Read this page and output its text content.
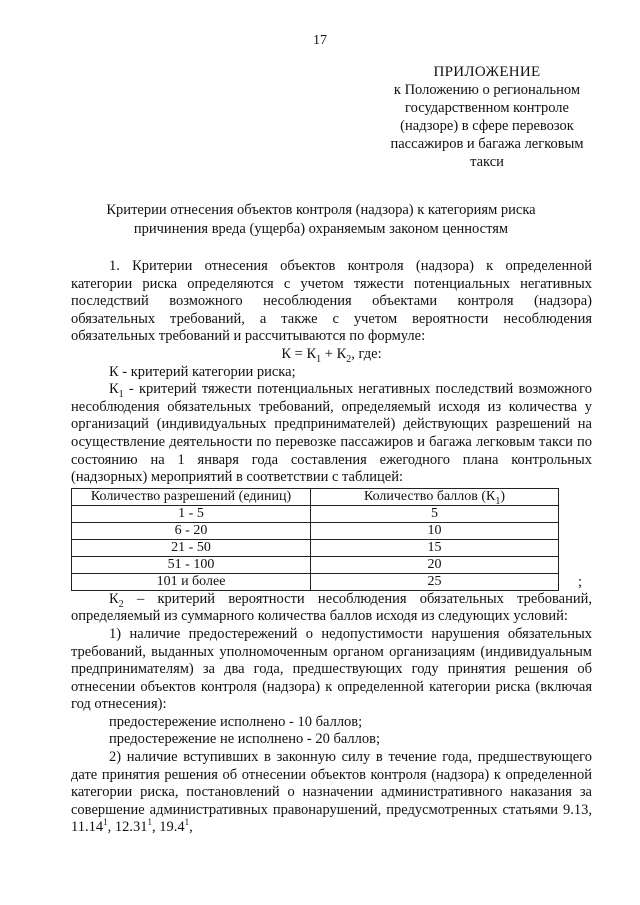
17
ПРИЛОЖЕНИЕ
к Положению о региональном
государственном контроле
(надзоре) в сфере перевозок
пассажиров и багажа легковым
такси
Критерии отнесения объектов контроля (надзора) к категориям риска
причинения вреда (ущерба) охраняемым законом ценностям

1. Критерии отнесения объектов контроля (надзора) к определенной категории риска определяются с учетом тяжести потенциальных негативных последствий возможного несоблюдения объектами контроля (надзора) обязательных требований, а также с учетом вероятности несоблюдения обязательных требований и рассчитываются по формуле:

$К = К_1 + К_2$, где:

К - критерий категории риска;

$К_1$ - критерий тяжести потенциальных негативных последствий возможного несоблюдения обязательных требований, определяемый исходя из количества у организаций (индивидуальных предпринимателей) действующих разрешений на осуществление деятельности по перевозке пассажиров и багажа легковым такси по состоянию на 1 января года составления ежегодного плана контрольных (надзорных) мероприятий в соответствии с таблицей:

Количество разрешений (единиц)	Количество баллов $(К_1)$
1 - 5	5
6 - 20	10
21 - 50	15
51 - 100	20
101 и более	25	;

$К_2$ – критерий вероятности несоблюдения обязательных требований, определяемый из суммарного количества баллов исходя из следующих условий:

1) наличие предостережений о недопустимости нарушения обязательных требований, выданных уполномоченным органом организациям (индивидуальным предпринимателям) за два года, предшествующих году принятия решения об отнесении объектов контроля (надзора) к определенной категории риска (включая год отнесения):

предостережение исполнено - 10 баллов;

предостережение не исполнено - 20 баллов;

2) наличие вступивших в законную силу в течение года, предшествующего дате принятия решения об отнесении объектов контроля (надзора) к определенной категории риска, постановлений о назначении административного наказания за совершение административных правонарушений, предусмотренных статьями 9.13, 11.14$^1$, 12.31$^1$, 19.4$^1$,
